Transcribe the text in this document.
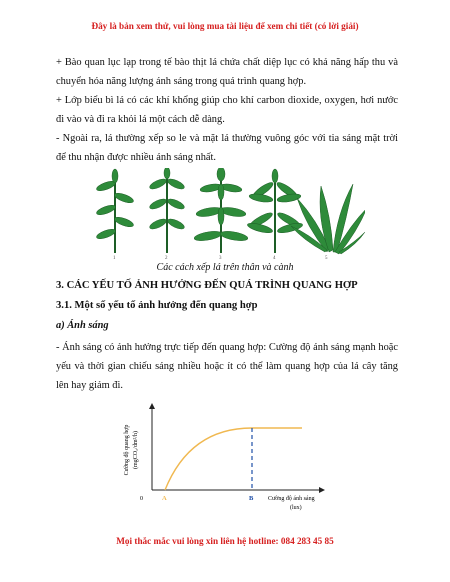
Đây là bản xem thử, vui lòng mua tài liệu để xem chi tiết (có lời giải)
+ Bào quan lục lạp trong tế bào thịt lá chứa chất diệp lục có khả năng hấp thu và chuyển hóa năng lượng ánh sáng trong quá trình quang hợp.
+ Lớp biểu bì lá có các khí khổng giúp cho khí carbon dioxide, oxygen, hơi nước đi vào và đi ra khỏi lá một cách dễ dàng.
- Ngoài ra, lá thường xếp so le và mặt lá thường vuông góc với tia sáng mặt trời để thu nhận được nhiều ánh sáng nhất.
1	2	3	4	5
Các cách xếp lá trên thân và cành
3. CÁC YẾU TỐ ẢNH HƯỞNG ĐẾN QUÁ TRÌNH QUANG HỢP
3.1. Một số yếu tố ảnh hưởng đến quang hợp
a) Ánh sáng
- Ánh sáng có ảnh hưởng trực tiếp đến quang hợp: Cường độ ánh sáng mạnh hoặc yếu và thời gian chiếu sáng nhiều hoặc ít có thể làm quang hợp của lá cây tăng lên hay giảm đi.
0	A	B Cường độ ánh sáng
(lux)
Cường độ quang hợp (mgCO₂/dm²/h)
Mọi thắc mắc vui lòng xin liên hệ hotline: 084 283 45 85
